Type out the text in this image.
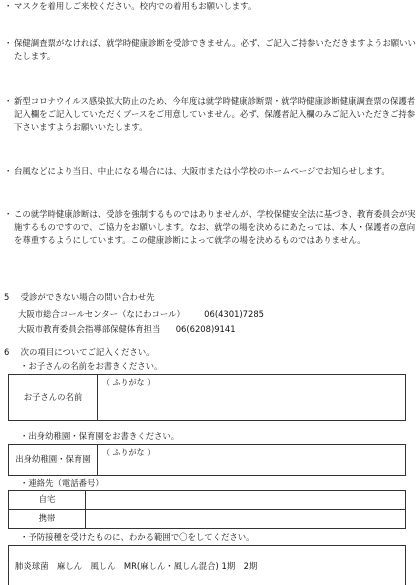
・ マスクを着用しご来校ください。校内での着用もお願いします。
・ 保健調査票がなければ、就学時健康診断を受診できません。必ず、ご記入ご持参いただきますようお願いいたします。
・ 新型コロナウイルス感染拡大防止のため、今年度は就学時健康診断票・就学時健康診断健康調査票の保護者記入欄をご記入していただくブースをご用意していません。必ず、保護者記入欄のみご記入いただきご持参下さいますようお願いいたします。
・ 台風などにより当日、中止になる場合には、大阪市または小学校のホームページでお知らせします。
・ この就学時健康診断は、受診を強制するものではありませんが、学校保健安全法に基づき、教育委員会が実施するものですので、ご協力をお願いします。なお、就学の場を決めるにあたっては、本人・保護者の意向を尊重するようにしています。この健康診断によって就学の場を決めるものではありません。
5 受診ができない場合の問い合わせ先
大阪市総合コールセンター（なにわコール） 06(4301)7285
大阪市教育委員会指導部保健体育担当 06(6208)9141
6 次の項目についてご記入ください。
・お子さんの名前をお書きください。
お子さんの名前	（ ふりがな ）
・出身幼稚園・保育園をお書きください。
出身幼稚園・保育園	（ ふりがな ）
・連絡先（電話番号）
自宅	
携帯	
・予防接種を受けたものに、わかる範囲で〇をしてください。
肺炎球菌　麻しん　風しん　MR(麻しん・風しん混合) 1期　2期
